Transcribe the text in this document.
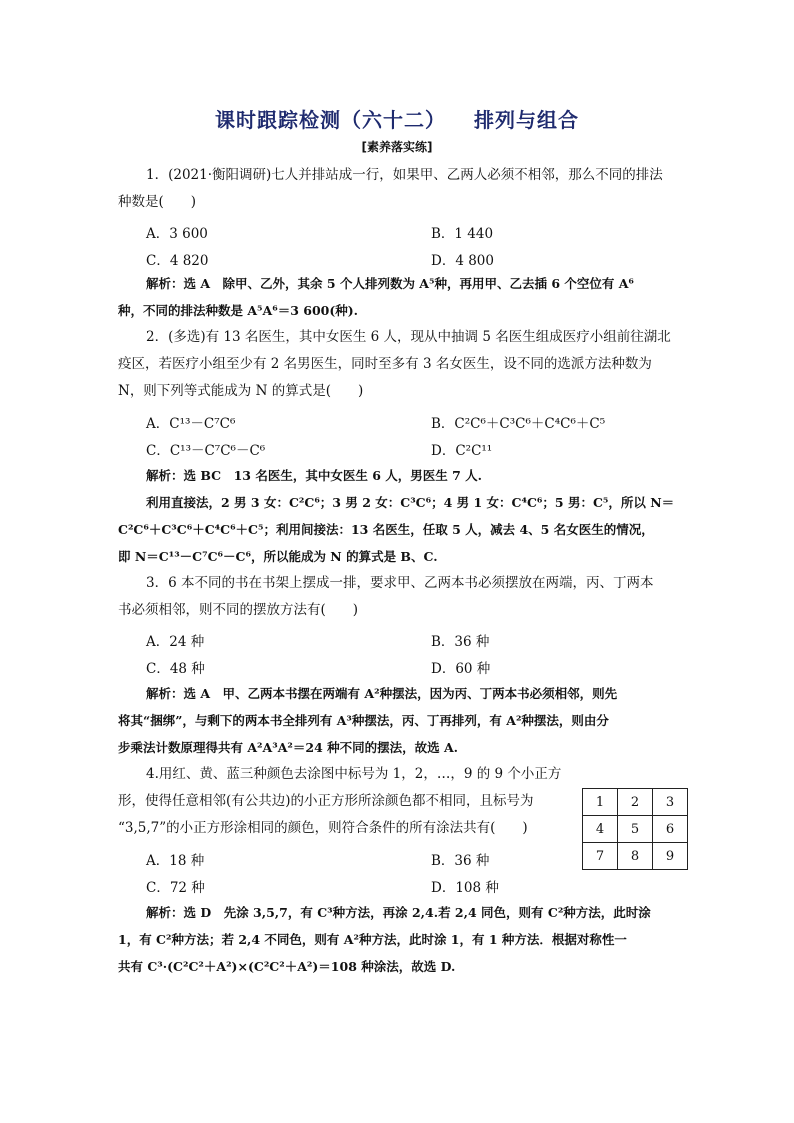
课时跟踪检测（六十二） 排列与组合
[素养落实练]
1．(2021·衡阳调研)七人并排站成一行，如果甲、乙两人必须不相邻，那么不同的排法
种数是(　　)
A．3 600	B．1 440
C．4 820	D．4 800
解析：选 A　除甲、乙外，其余 5 个人排列数为 A⁵种，再用甲、乙去插 6 个空位有 A⁶
种，不同的排法种数是 A⁵A⁶＝3 600(种).
2．(多选)有 13 名医生，其中女医生 6 人，现从中抽调 5 名医生组成医疗小组前往湖北
疫区，若医疗小组至少有 2 名男医生，同时至多有 3 名女医生，设不同的选派方法种数为
N，则下列等式能成为 N 的算式是(　　)
A．C¹³－C⁷C⁶	B．C²C⁶＋C³C⁶＋C⁴C⁶＋C⁵
C．C¹³－C⁷C⁶－C⁶	D．C²C¹¹
解析：选 BC　13 名医生，其中女医生 6 人，男医生 7 人.
利用直接法，2 男 3 女：C²C⁶；3 男 2 女：C³C⁶；4 男 1 女：C⁴C⁶；5 男：C⁵，所以 N＝
C²C⁶＋C³C⁶＋C⁴C⁶＋C⁵；利用间接法：13 名医生，任取 5 人，减去 4、5 名女医生的情况，
即 N＝C¹³－C⁷C⁶－C⁶，所以能成为 N 的算式是 B、C.
3．6 本不同的书在书架上摆成一排，要求甲、乙两本书必须摆放在两端，丙、丁两本
书必须相邻，则不同的摆放方法有(　　)
A．24 种	B．36 种
C．48 种	D．60 种
解析：选 A　甲、乙两本书摆在两端有 A²种摆法，因为丙、丁两本书必须相邻，则先
将其“捆绑”，与剩下的两本书全排列有 A³种摆法，丙、丁再排列，有 A²种摆法，则由分
步乘法计数原理得共有 A²A³A²＝24 种不同的摆法，故选 A.
4.用红、黄、蓝三种颜色去涂图中标号为 1，2，…，9 的 9 个小正方
形，使得任意相邻(有公共边)的小正方形所涂颜色都不相同，且标号为
“3,5,7”的小正方形涂相同的颜色，则符合条件的所有涂法共有(　　)
1	2	3
4	5	6
7	8	9
A．18 种	B．36 种
C．72 种	D．108 种
解析：选 D　先涂 3,5,7，有 C³种方法，再涂 2,4.若 2,4 同色，则有 C²种方法，此时涂
1，有 C²种方法；若 2,4 不同色，则有 A²种方法，此时涂 1，有 1 种方法．根据对称性一
共有 C³·(C²C²＋A²)×(C²C²＋A²)＝108 种涂法，故选 D.
